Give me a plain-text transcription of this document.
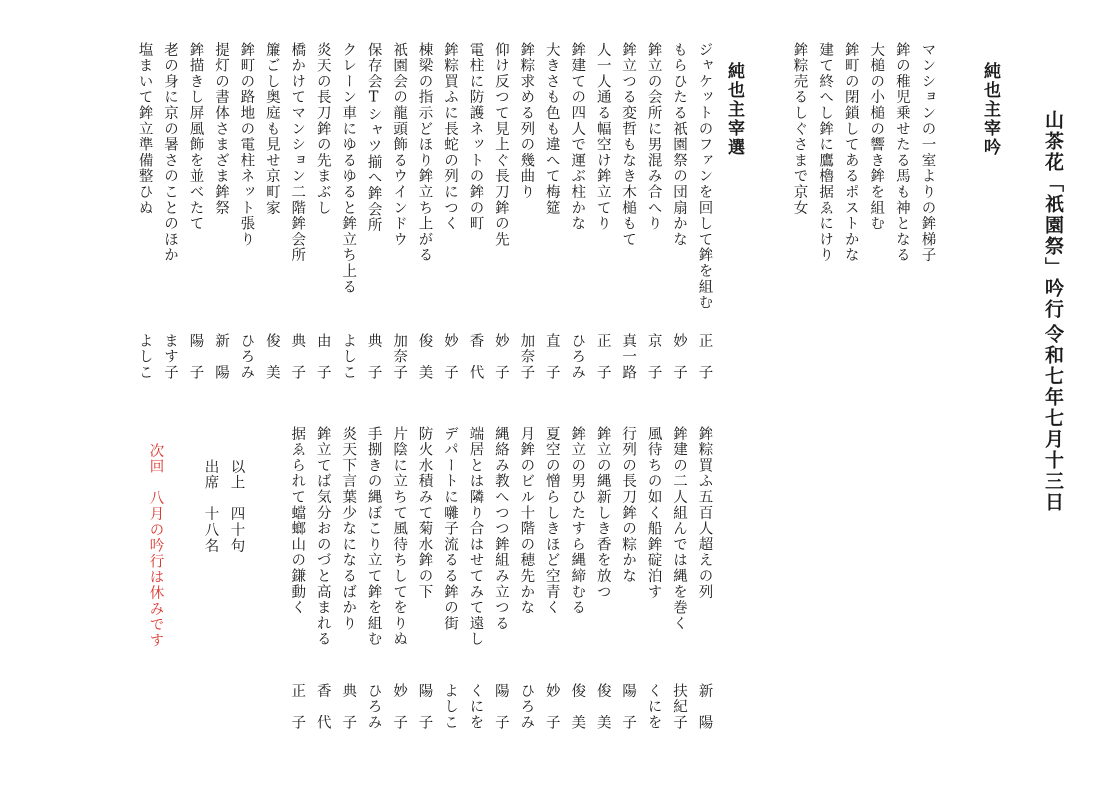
山茶花「祇園祭」吟行
令和七年七月十三日
純也主宰吟
純也主宰選
以上　四十句
出席　十八名
次回　八月の吟行は休みです
マンションの一室よりの鉾梯子
鉾の稚児乗せたる馬も神となる
大槌の小槌の響き鉾を組む
鉾町の閉鎖してあるポストかな
建て終へし鉾に鷹櫓据ゑにけり
鉾粽売るしぐさまで京女
ジャケットのファンを回して鉾を組む
正　子
もらひたる祇園祭の団扇かな
妙　子
鉾立の会所に男混み合へり
京　子
鉾立つる変哲もなき木槌もて
真一路
人一人通る幅空け鉾立てり
正　子
鉾建ての四人で運ぶ柱かな
ひろみ
大きさも色も違へて梅筵
直　子
鉾粽求める列の幾曲り
加奈子
仰け反つて見上ぐ長刀鉾の先
妙　子
電柱に防護ネットの鉾の町
香　代
鉾粽買ふに長蛇の列につく
妙　子
棟梁の指示どほり鉾立ち上がる
俊　美
祇園会の龍頭飾るウインドウ
加奈子
保存会Tシャツ揃へ鉾会所
典　子
クレーン車にゆるゆると鉾立ち上る
よしこ
炎天の長刀鉾の先まぶし
由　子
橋かけてマンション二階鉾会所
典　子
簾ごし奥庭も見せ京町家
俊　美
鉾町の路地の電柱ネット張り
ひろみ
提灯の書体さまざま鉾祭
新　陽
鉾描きし屏風飾を並べたて
陽　子
老の身に京の暑さのことのほか
ます子
塩まいて鉾立準備整ひぬ
よしこ
鉾粽買ふ五百人超えの列
新　陽
鉾建の二人組んでは縄を巻く
扶紀子
風待ちの如く船鉾碇泊す
くにを
行列の長刀鉾の粽かな
陽　子
鉾立の縄新しき香を放つ
俊　美
鉾立の男ひたすら縄締むる
俊　美
夏空の憎らしきほど空青く
妙　子
月鉾のビル十階の穂先かな
ひろみ
縄絡み教へつつ鉾組み立つる
陽　子
端居とは隣り合はせてみて遠し
くにを
デパートに囃子流るる鉾の街
よしこ
防火水積みて菊水鉾の下
陽　子
片陰に立ちて風待ちしてをりぬ
妙　子
手捌きの縄ぼこり立て鉾を組む
ひろみ
炎天下言葉少なになるばかり
典　子
鉾立てば気分おのづと高まれる
香　代
据ゑられて蟷螂山の鎌動く
正　子
